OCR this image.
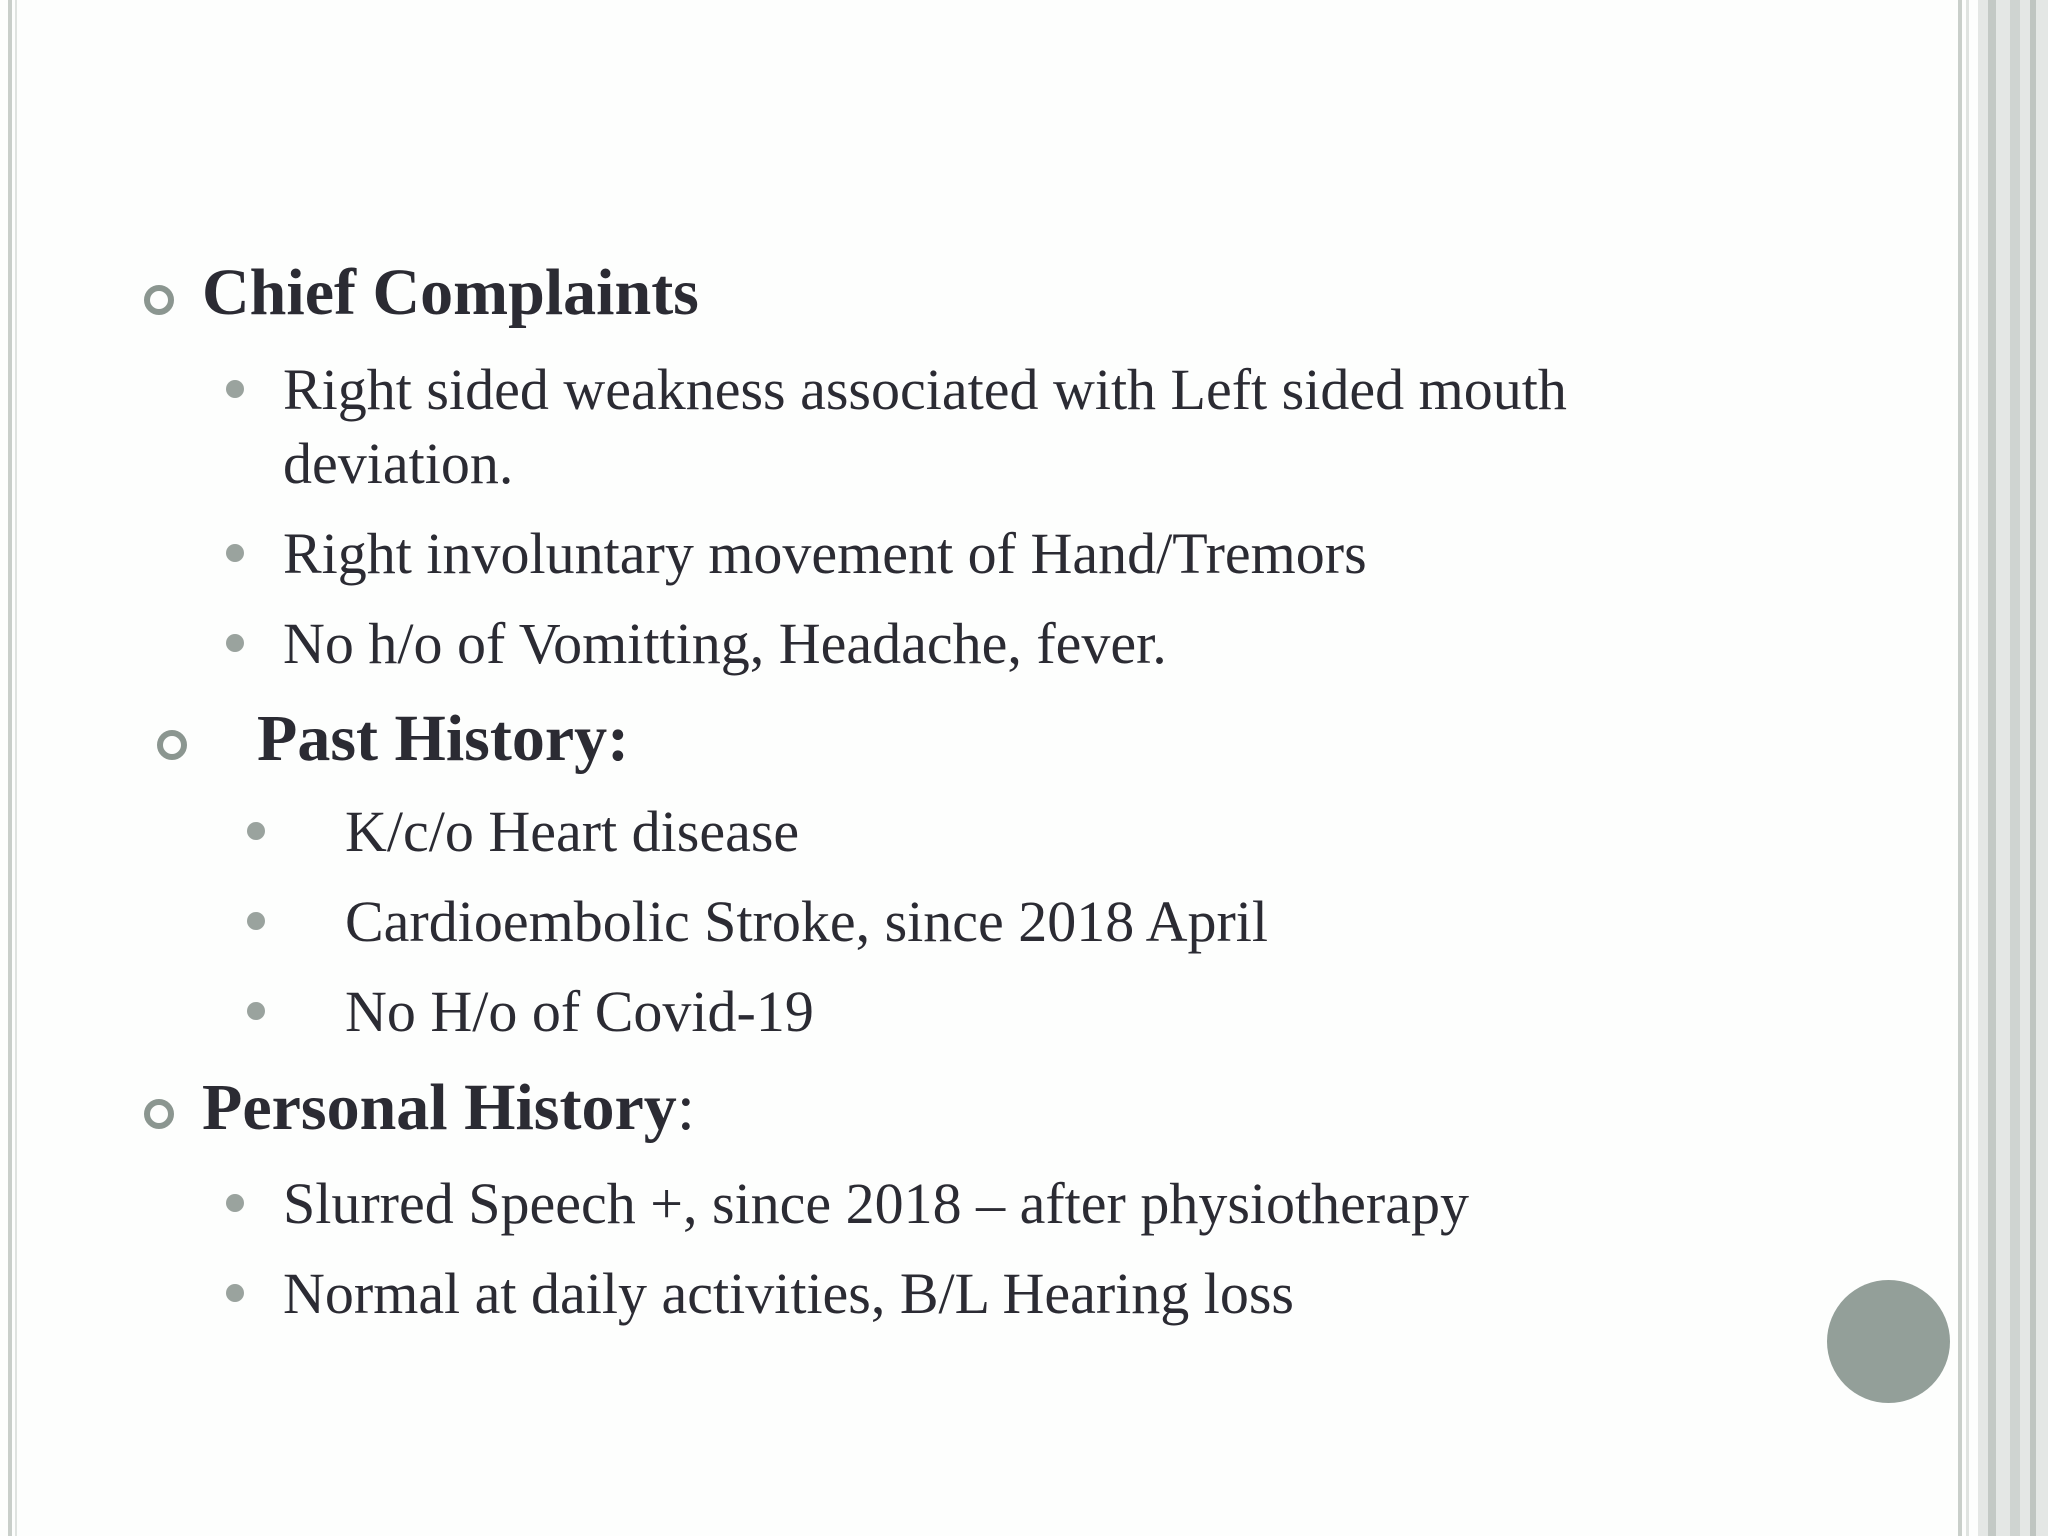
Chief Complaints
Right sided weakness associated with Left sided mouth
deviation.
Right involuntary movement of Hand/Tremors
No h/o of Vomitting, Headache, fever.
Past History:
K/c/o Heart disease
Cardioembolic Stroke, since 2018 April
No H/o of Covid-19
Personal History:
Slurred Speech +, since 2018 – after physiotherapy
Normal at daily activities, B/L Hearing loss
